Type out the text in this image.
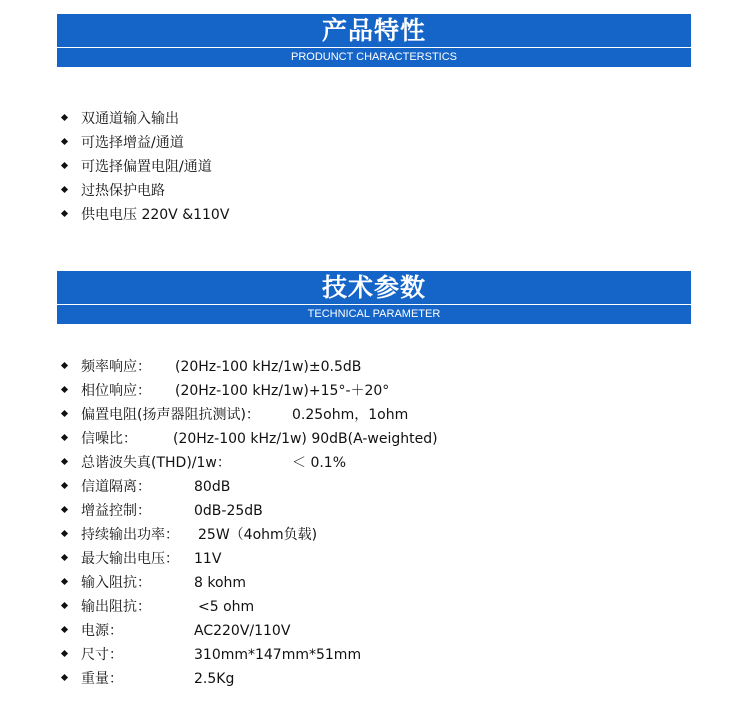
产品特性
PRODUNCT CHARACTERSTICS
双通道输入输出
可选择增益/通道
可选择偏置电阻/通道
过热保护电路
供电电压 220V &110V
技术参数
TECHNICAL PARAMETER
频率响应： (20Hz-100 kHz/1w)±0.5dB
相位响应： (20Hz-100 kHz/1w)+15°-＋20°
偏置电阻(扬声器阻抗测试)： 0.25ohm，1ohm
信噪比：	(20Hz-100 kHz/1w) 90dB(A-weighted)
总谐波失真(THD)/1w：	＜ 0.1%
信道隔离：	80dB
增益控制：	0dB-25dB
持续输出功率： 25W（4ohm负载)
最大输出电压： 11V
输入阻抗：	8 kohm
输出阻抗：	<5 ohm
电源：	AC220V/110V
尺寸：	310mm*147mm*51mm
重量：	2.5Kg
